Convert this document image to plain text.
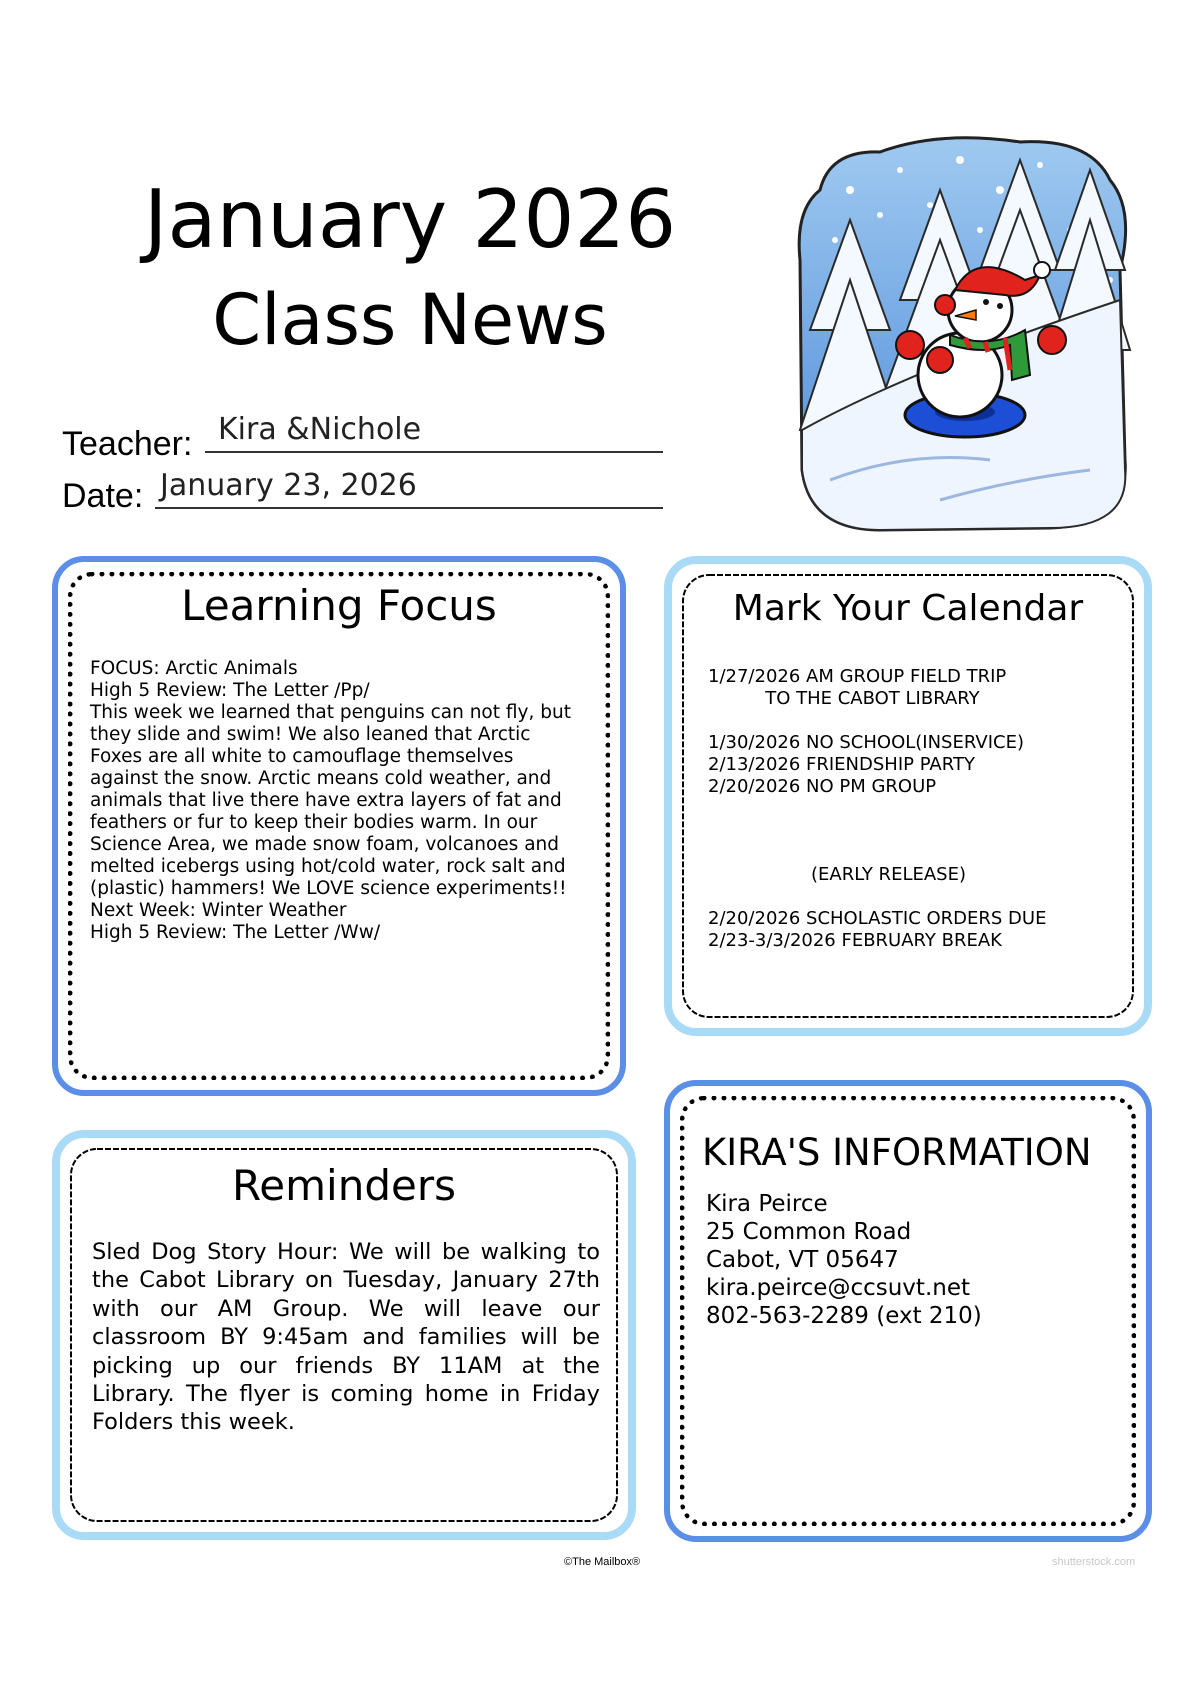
January 2026
Class News
Teacher: Kira &Nichole
Date: January 23, 2026
Learning Focus
FOCUS: Arctic Animals
High 5 Review: The Letter /Pp/
This week we learned that penguins can not fly, but
they slide and swim! We also leaned that Arctic
Foxes are all white to camouflage themselves
against the snow. Arctic means cold weather, and
animals that live there have extra layers of fat and
feathers or fur to keep their bodies warm. In our
Science Area, we made snow foam, volcanoes and
melted icebergs using hot/cold water, rock salt and
(plastic) hammers! We LOVE science experiments!!
Next Week: Winter Weather
High 5 Review: The Letter /Ww/
Mark Your Calendar
1/27/2026 AM GROUP FIELD TRIP
TO THE CABOT LIBRARY

1/30/2026 NO SCHOOL(INSERVICE)
2/13/2026 FRIENDSHIP PARTY
2/20/2026 NO PM GROUP

(EARLY RELEASE)

2/20/2026 SCHOLASTIC ORDERS DUE
2/23-3/3/2026 FEBRUARY BREAK
Reminders
Sled Dog Story Hour: We will be walking to the Cabot Library on Tuesday, January 27th with our AM Group. We will leave our classroom BY 9:45am and families will be picking up our friends BY 11AM at the Library. The flyer is coming home in Friday Folders this week.
KIRA'S INFORMATION
Kira Peirce
25 Common Road
Cabot, VT 05647
kira.peirce@ccsuvt.net
802-563-2289 (ext 210)
©The Mailbox®	shutterstock.com
